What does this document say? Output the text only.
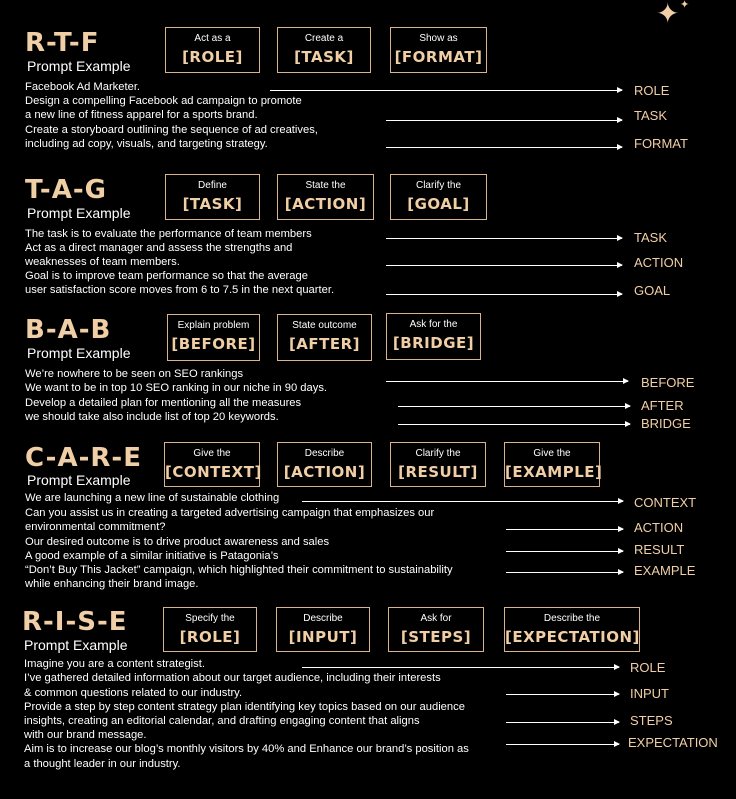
✦ ✦
R-T-F
Prompt Example
Act as a
[ROLE]
Create a
[TASK]
Show as
[FORMAT]
Facebook Ad Marketer.
Design a compelling Facebook ad campaign to promote
a new line of fitness apparel for a sports brand.
Create a storyboard outlining the sequence of ad creatives,
including ad copy, visuals, and targeting strategy.
ROLE
TASK
FORMAT
T-A-G
Prompt Example
Define
[TASK]
State the
[ACTION]
Clarify the
[GOAL]
The task is to evaluate the performance of team members
Act as a direct manager and assess the strengths and
weaknesses of team members.
Goal is to improve team performance so that the average
user satisfaction score moves from 6 to 7.5 in the next quarter.
TASK
ACTION
GOAL
B-A-B
Prompt Example
Explain problem
[BEFORE]
State outcome
[AFTER]
Ask for the
[BRIDGE]
We’re nowhere to be seen on SEO rankings
We want to be in top 10 SEO ranking in our niche in 90 days.
Develop a detailed plan for mentioning all the measures
we should take also include list of top 20 keywords.
BEFORE
AFTER
BRIDGE
C-A-R-E
Prompt Example
Give the
[CONTEXT]
Describe
[ACTION]
Clarify the
[RESULT]
Give the
[EXAMPLE]
We are launching a new line of sustainable clothing
Can you assist us in creating a targeted advertising campaign that emphasizes our
environmental commitment?
Our desired outcome is to drive product awareness and sales
A good example of a similar initiative is Patagonia’s
“Don’t Buy This Jacket” campaign, which highlighted their commitment to sustainability
while enhancing their brand image.
CONTEXT
ACTION
RESULT
EXAMPLE
R-I-S-E
Prompt Example
Specify the
[ROLE]
Describe
[INPUT]
Ask for
[STEPS]
Describe the
[EXPECTATION]
Imagine you are a content strategist.
I’ve gathered detailed information about our target audience, including their interests
& common questions related to our industry.
Provide a step by step content strategy plan identifying key topics based on our audience
insights, creating an editorial calendar, and drafting engaging content that aligns
with our brand message.
Aim is to increase our blog’s monthly visitors by 40% and Enhance our brand’s position as
a thought leader in our industry.
ROLE
INPUT
STEPS
EXPECTATION
